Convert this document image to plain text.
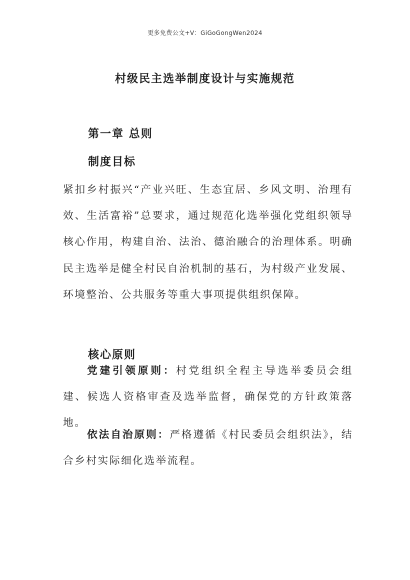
更多免费公文+V：GiGoGongWen2024
村级民主选举制度设计与实施规范
第一章 总则
制度目标
紧扣乡村振兴“产业兴旺、生态宜居、乡风文明、治理有效、生活富裕”总要求，通过规范化选举强化党组织领导核心作用，构建自治、法治、德治融合的治理体系。明确民主选举是健全村民自治机制的基石，为村级产业发展、环境整治、公共服务等重大事项提供组织保障。
核心原则
党建引领原则：村党组织全程主导选举委员会组建、候选人资格审查及选举监督，确保党的方针政策落地。
依法自治原则：严格遵循《村民委员会组织法》，结合乡村实际细化选举流程。
